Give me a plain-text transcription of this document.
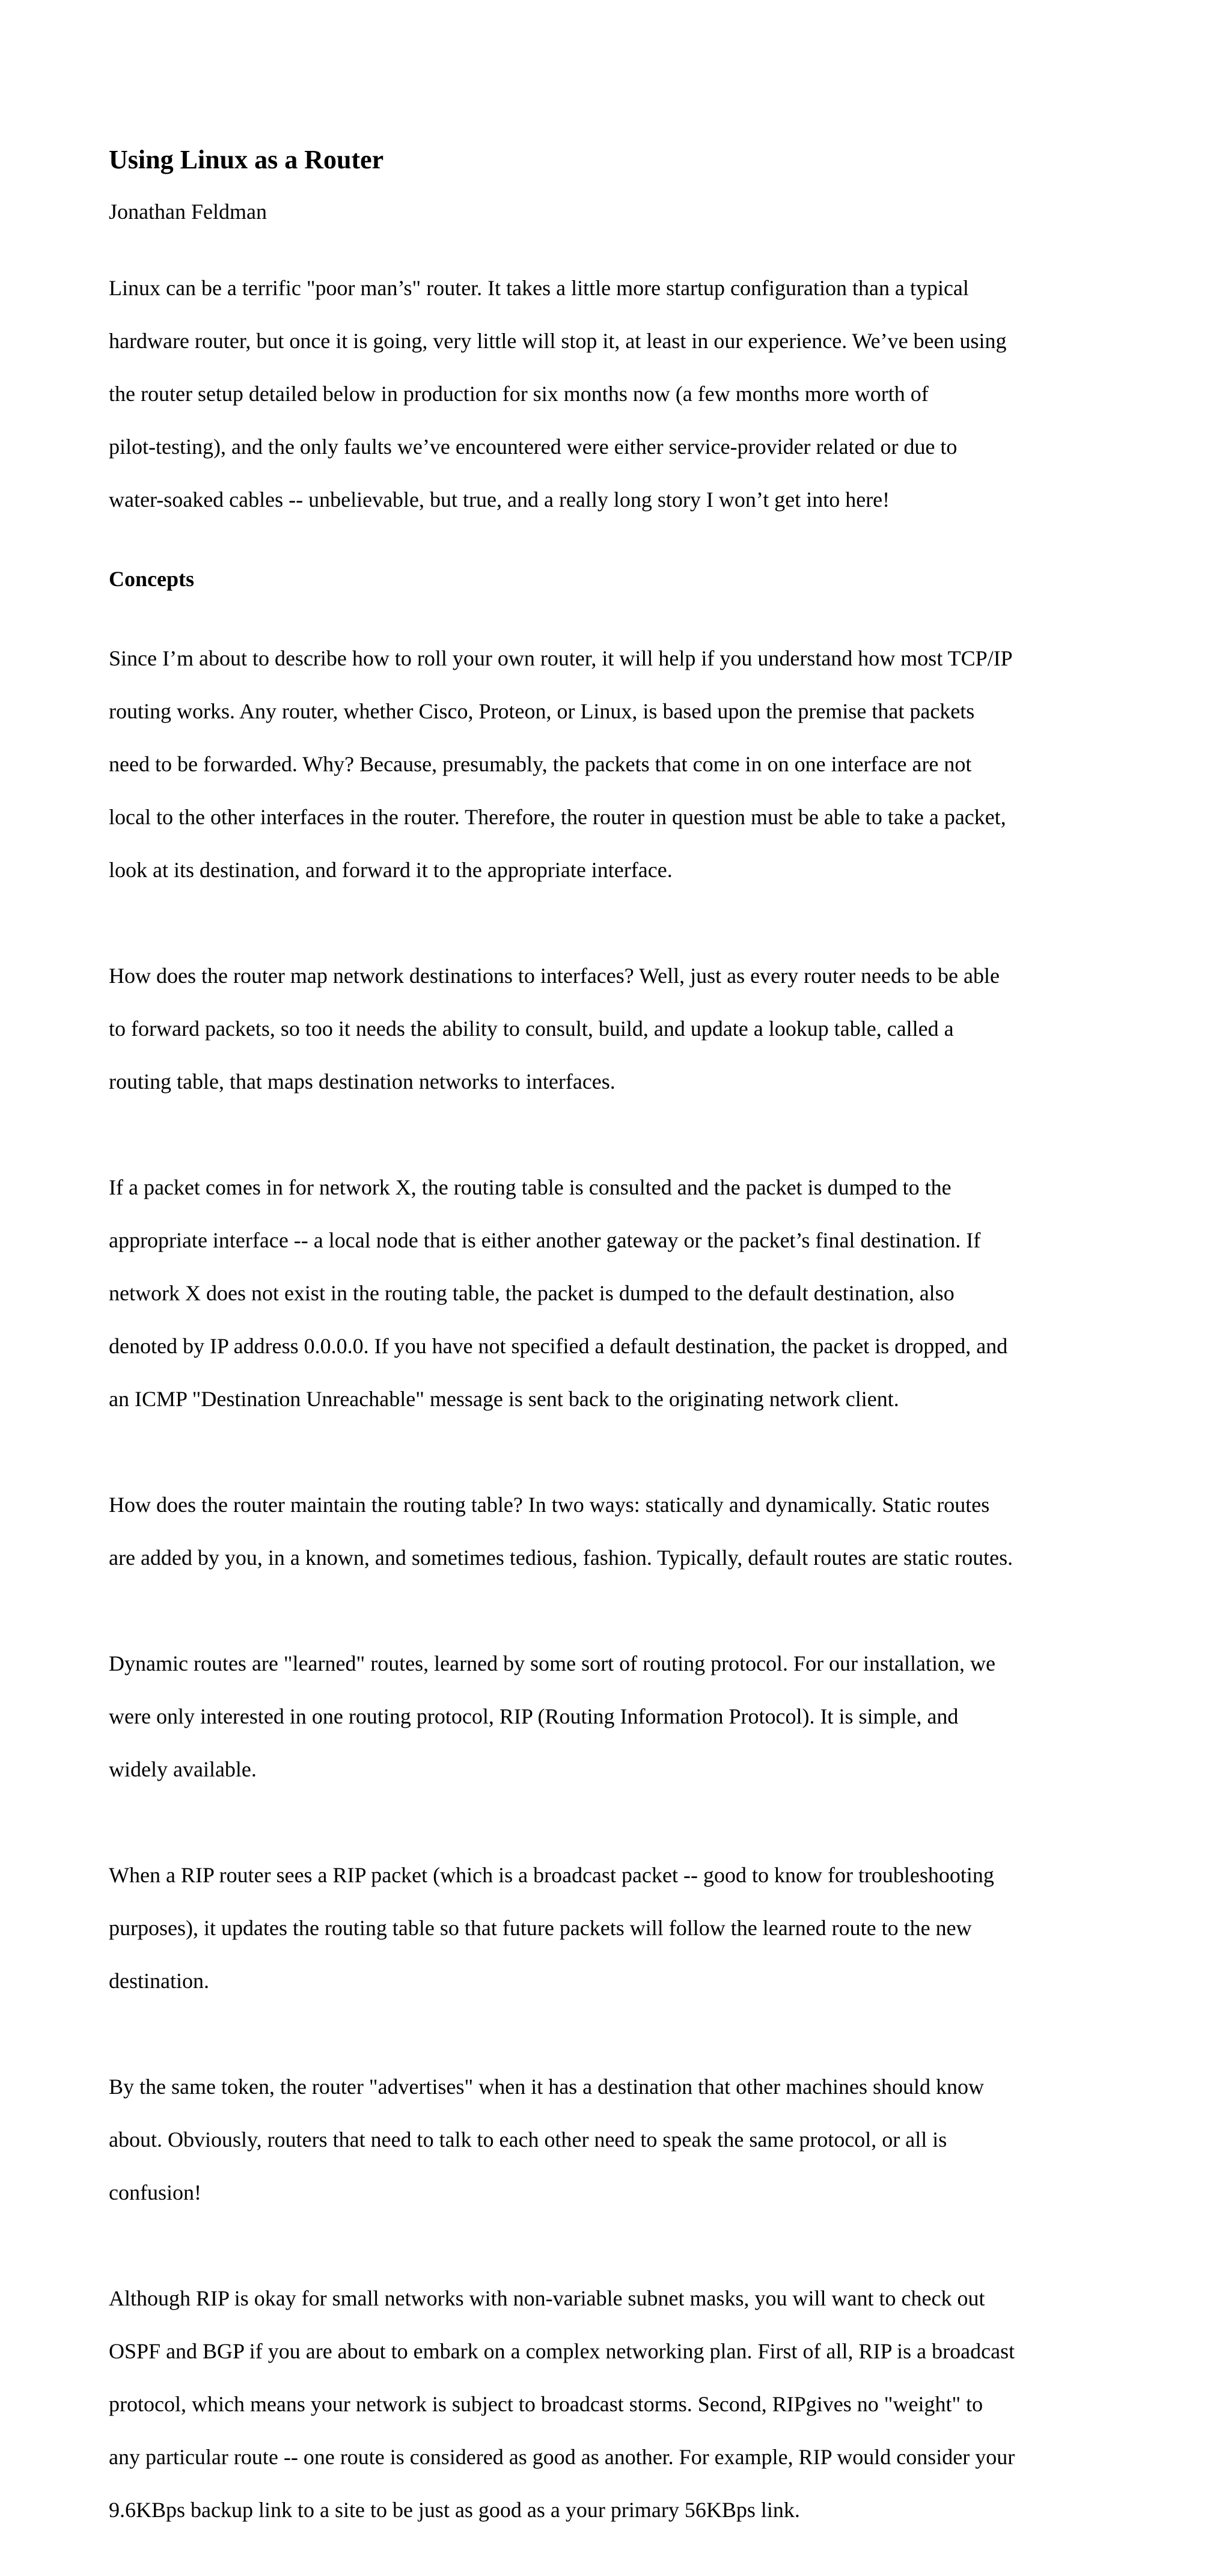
Using Linux as a Router

Jonathan Feldman

Linux can be a terrific "poor man’s" router. It takes a little more startup configuration than a typical

hardware router, but once it is going, very little will stop it, at least in our experience. We’ve been using

the router setup detailed below in production for six months now (a few months more worth of

pilot-testing), and the only faults we’ve encountered were either service-provider related or due to

water-soaked cables -- unbelievable, but true, and a really long story I won’t get into here!

Concepts

Since I’m about to describe how to roll your own router, it will help if you understand how most TCP/IP

routing works. Any router, whether Cisco, Proteon, or Linux, is based upon the premise that packets

need to be forwarded. Why? Because, presumably, the packets that come in on one interface are not

local to the other interfaces in the router. Therefore, the router in question must be able to take a packet,

look at its destination, and forward it to the appropriate interface.

How does the router map network destinations to interfaces? Well, just as every router needs to be able

to forward packets, so too it needs the ability to consult, build, and update a lookup table, called a

routing table, that maps destination networks to interfaces.

If a packet comes in for network X, the routing table is consulted and the packet is dumped to the

appropriate interface -- a local node that is either another gateway or the packet’s final destination. If

network X does not exist in the routing table, the packet is dumped to the default destination, also

denoted by IP address 0.0.0.0. If you have not specified a default destination, the packet is dropped, and

an ICMP "Destination Unreachable" message is sent back to the originating network client.

How does the router maintain the routing table? In two ways: statically and dynamically. Static routes

are added by you, in a known, and sometimes tedious, fashion. Typically, default routes are static routes.

Dynamic routes are "learned" routes, learned by some sort of routing protocol. For our installation, we

were only interested in one routing protocol, RIP (Routing Information Protocol). It is simple, and

widely available.

When a RIP router sees a RIP packet (which is a broadcast packet -- good to know for troubleshooting

purposes), it updates the routing table so that future packets will follow the learned route to the new

destination.

By the same token, the router "advertises" when it has a destination that other machines should know

about. Obviously, routers that need to talk to each other need to speak the same protocol, or all is

confusion!

Although RIP is okay for small networks with non-variable subnet masks, you will want to check out

OSPF and BGP if you are about to embark on a complex networking plan. First of all, RIP is a broadcast

protocol, which means your network is subject to broadcast storms. Second, RIPgives no "weight" to

any particular route -- one route is considered as good as another. For example, RIP would consider your

9.6KBps backup link to a site to be just as good as a your primary 56KBps link.
